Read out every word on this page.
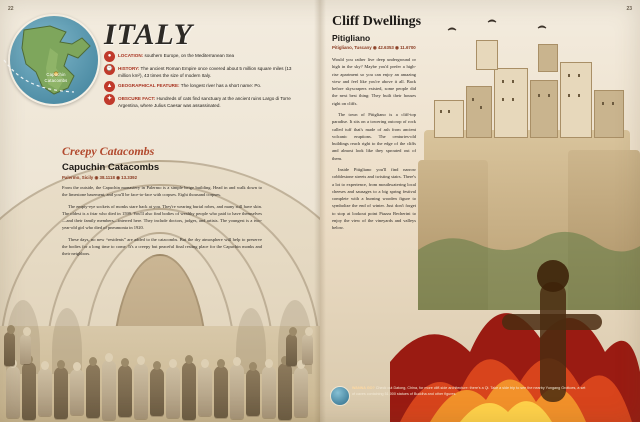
Capuchin
Catacombs
ITALY
●	LOCATION: southern Europe, on the Mediterranean Sea
⌚	HISTORY: The ancient Roman Empire once covered about 5 million square miles (13 million km²), 43 times the size of modern Italy.
▲	GEOGRAPHICAL FEATURE: The longest river has a short name: Po.
✦	OBSCURE FACT: Hundreds of cats find sanctuary at the ancient ruins Largo di Torre Argentina, where Julius Caesar was assassinated.
Creepy Catacombs
Capuchin Catacombs
Palermo, Sicily ◉ 38.1118 ◉ 13.3392

From the outside, the Capuchin monastery in Palermo is a simple beige building. Head in and walk down to the limestone basement, and you'll be face-to-face with corpses. Eight thousand corpses.

The empty-eye sockets of monks stare back at you. They're wearing burial robes, and many still have skin. The oldest is a friar who died in 1599. You'll also find bodies of wealthy people who paid to have themselves—and their family members—interred here. They include doctors, judges, and artists. The youngest is a two-year-old girl who died of pneumonia in 1920.

These days, no new “residents” are added to the catacombs. But the dry atmosphere will help to preserve the bodies for a long time to come. It's a creepy but peaceful final resting place for the Capuchin monks and their neighbors.

22
Cliff Dwellings
Pitigliano
Pitigliano, Tuscany ◉ 42.6353 ◉ 11.6700

Would you rather live deep underground or high in the sky? Maybe you'd prefer a high-rise apartment so you can enjoy an amazing view and feel like you're above it all. Back before skyscrapers existed, some people did the next best thing: They built their houses right on cliffs.

The town of Pitigliano is a cliff-top paradise. It sits on a towering outcrop of rock called tuff that's made of ash from ancient volcanic eruptions. The centuries-old buildings reach right to the edge of the cliffs and almost look like they sprouted out of them.

Inside Pitigliano you'll find narrow cobblestone streets and twisting stairs. There's a lot to experience, from mouthwatering local cheeses and sausages to a big spring festival complete with a burning wooden figure to symbolize the end of winter. Just don't forget to stop at lookout point Piazza Becherini to enjoy the view of the vineyards and valleys below.

WANNA GO? Check out Datong, China, for more cliff-side architecture: there's a Qi. Take a side trip to see the nearby Yungang Grottoes, a set of caves containing 51,000 statues of Buddha and other figures.
23
